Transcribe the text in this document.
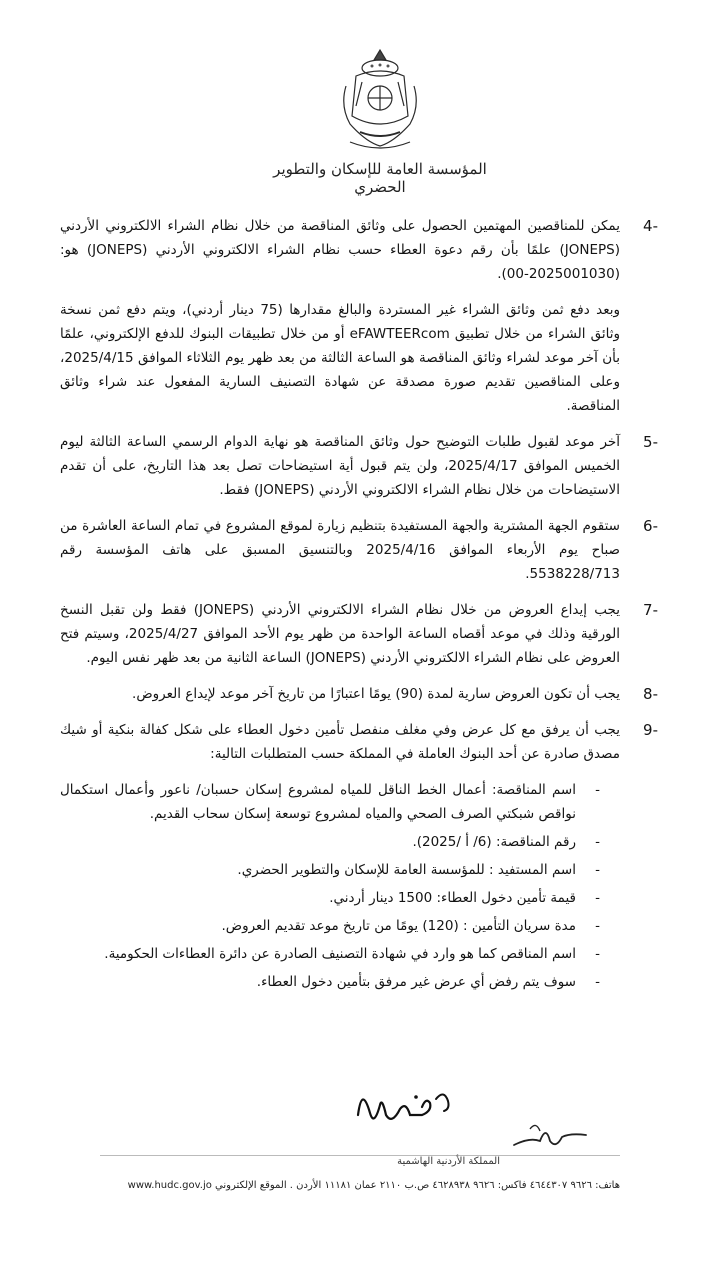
المؤسسة العامة للإسكان والتطوير الحضري
4-
يمكن للمناقصين المهتمين الحصول على وثائق المناقصة من خلال نظام الشراء الالكتروني الأردني (JONEPS) علمًا بأن رقم دعوة العطاء حسب نظام الشراء الالكتروني الأردني (JONEPS) هو: (2025001030-00).
وبعد دفع ثمن وثائق الشراء غير المستردة والبالغ مقدارها (75 دينار أردني)، ويتم دفع ثمن نسخة وثائق الشراء من خلال تطبيق eFAWTEERcom أو من خلال تطبيقات البنوك للدفع الإلكتروني، علمًا بأن آخر موعد لشراء وثائق المناقصة هو الساعة الثالثة من بعد ظهر يوم الثلاثاء الموافق 2025/4/15، وعلى المناقصين تقديم صورة مصدقة عن شهادة التصنيف السارية المفعول عند شراء وثائق المناقصة.
5-
آخر موعد لقبول طلبات التوضيح حول وثائق المناقصة هو نهاية الدوام الرسمي الساعة الثالثة ليوم الخميس الموافق 2025/4/17، ولن يتم قبول أية استيضاحات تصل بعد هذا التاريخ، على أن تقدم الاستيضاحات من خلال نظام الشراء الالكتروني الأردني (JONEPS) فقط.
6-
ستقوم الجهة المشترية والجهة المستفيدة بتنظيم زيارة لموقع المشروع في تمام الساعة العاشرة من صباح يوم الأربعاء الموافق 2025/4/16 وبالتنسيق المسبق على هاتف المؤسسة رقم 5538228/713.
7-
يجب إيداع العروض من خلال نظام الشراء الالكتروني الأردني (JONEPS) فقط ولن تقبل النسخ الورقية وذلك في موعد أقصاه الساعة الواحدة من ظهر يوم الأحد الموافق 2025/4/27، وسيتم فتح العروض على نظام الشراء الالكتروني الأردني (JONEPS) الساعة الثانية من بعد ظهر نفس اليوم.
8-
يجب أن تكون العروض سارية لمدة (90) يومًا اعتبارًا من تاريخ آخر موعد لإيداع العروض.
9-
يجب أن يرفق مع كل عرض وفي مغلف منفصل تأمين دخول العطاء على شكل كفالة بنكية أو شيك مصدق صادرة عن أحد البنوك العاملة في المملكة حسب المتطلبات التالية:
- اسم المناقصة: أعمال الخط الناقل للمياه لمشروع إسكان حسبان/ ناعور وأعمال استكمال نواقص شبكتي الصرف الصحي والمياه لمشروع توسعة إسكان سحاب القديم.
- رقم المناقصة: (6/ أ /2025).
- اسم المستفيد : للمؤسسة العامة للإسكان والتطوير الحضري.
- قيمة تأمين دخول العطاء: 1500 دينار أردني.
- مدة سريان التأمين : (120) يومًا من تاريخ موعد تقديم العروض.
- اسم المناقص كما هو وارد في شهادة التصنيف الصادرة عن دائرة العطاءات الحكومية.
- سوف يتم رفض أي عرض غير مرفق بتأمين دخول العطاء.
المملكة الأردنية الهاشمية
هاتف: ٩٦٢٦ ٤٦٤٤٣٠٧ فاكس: ٩٦٢٦ ٤٦٢٨٩٣٨ ص.ب ٢١١٠ عمان ١١١٨١ الأردن . الموقع الإلكتروني www.hudc.gov.jo
